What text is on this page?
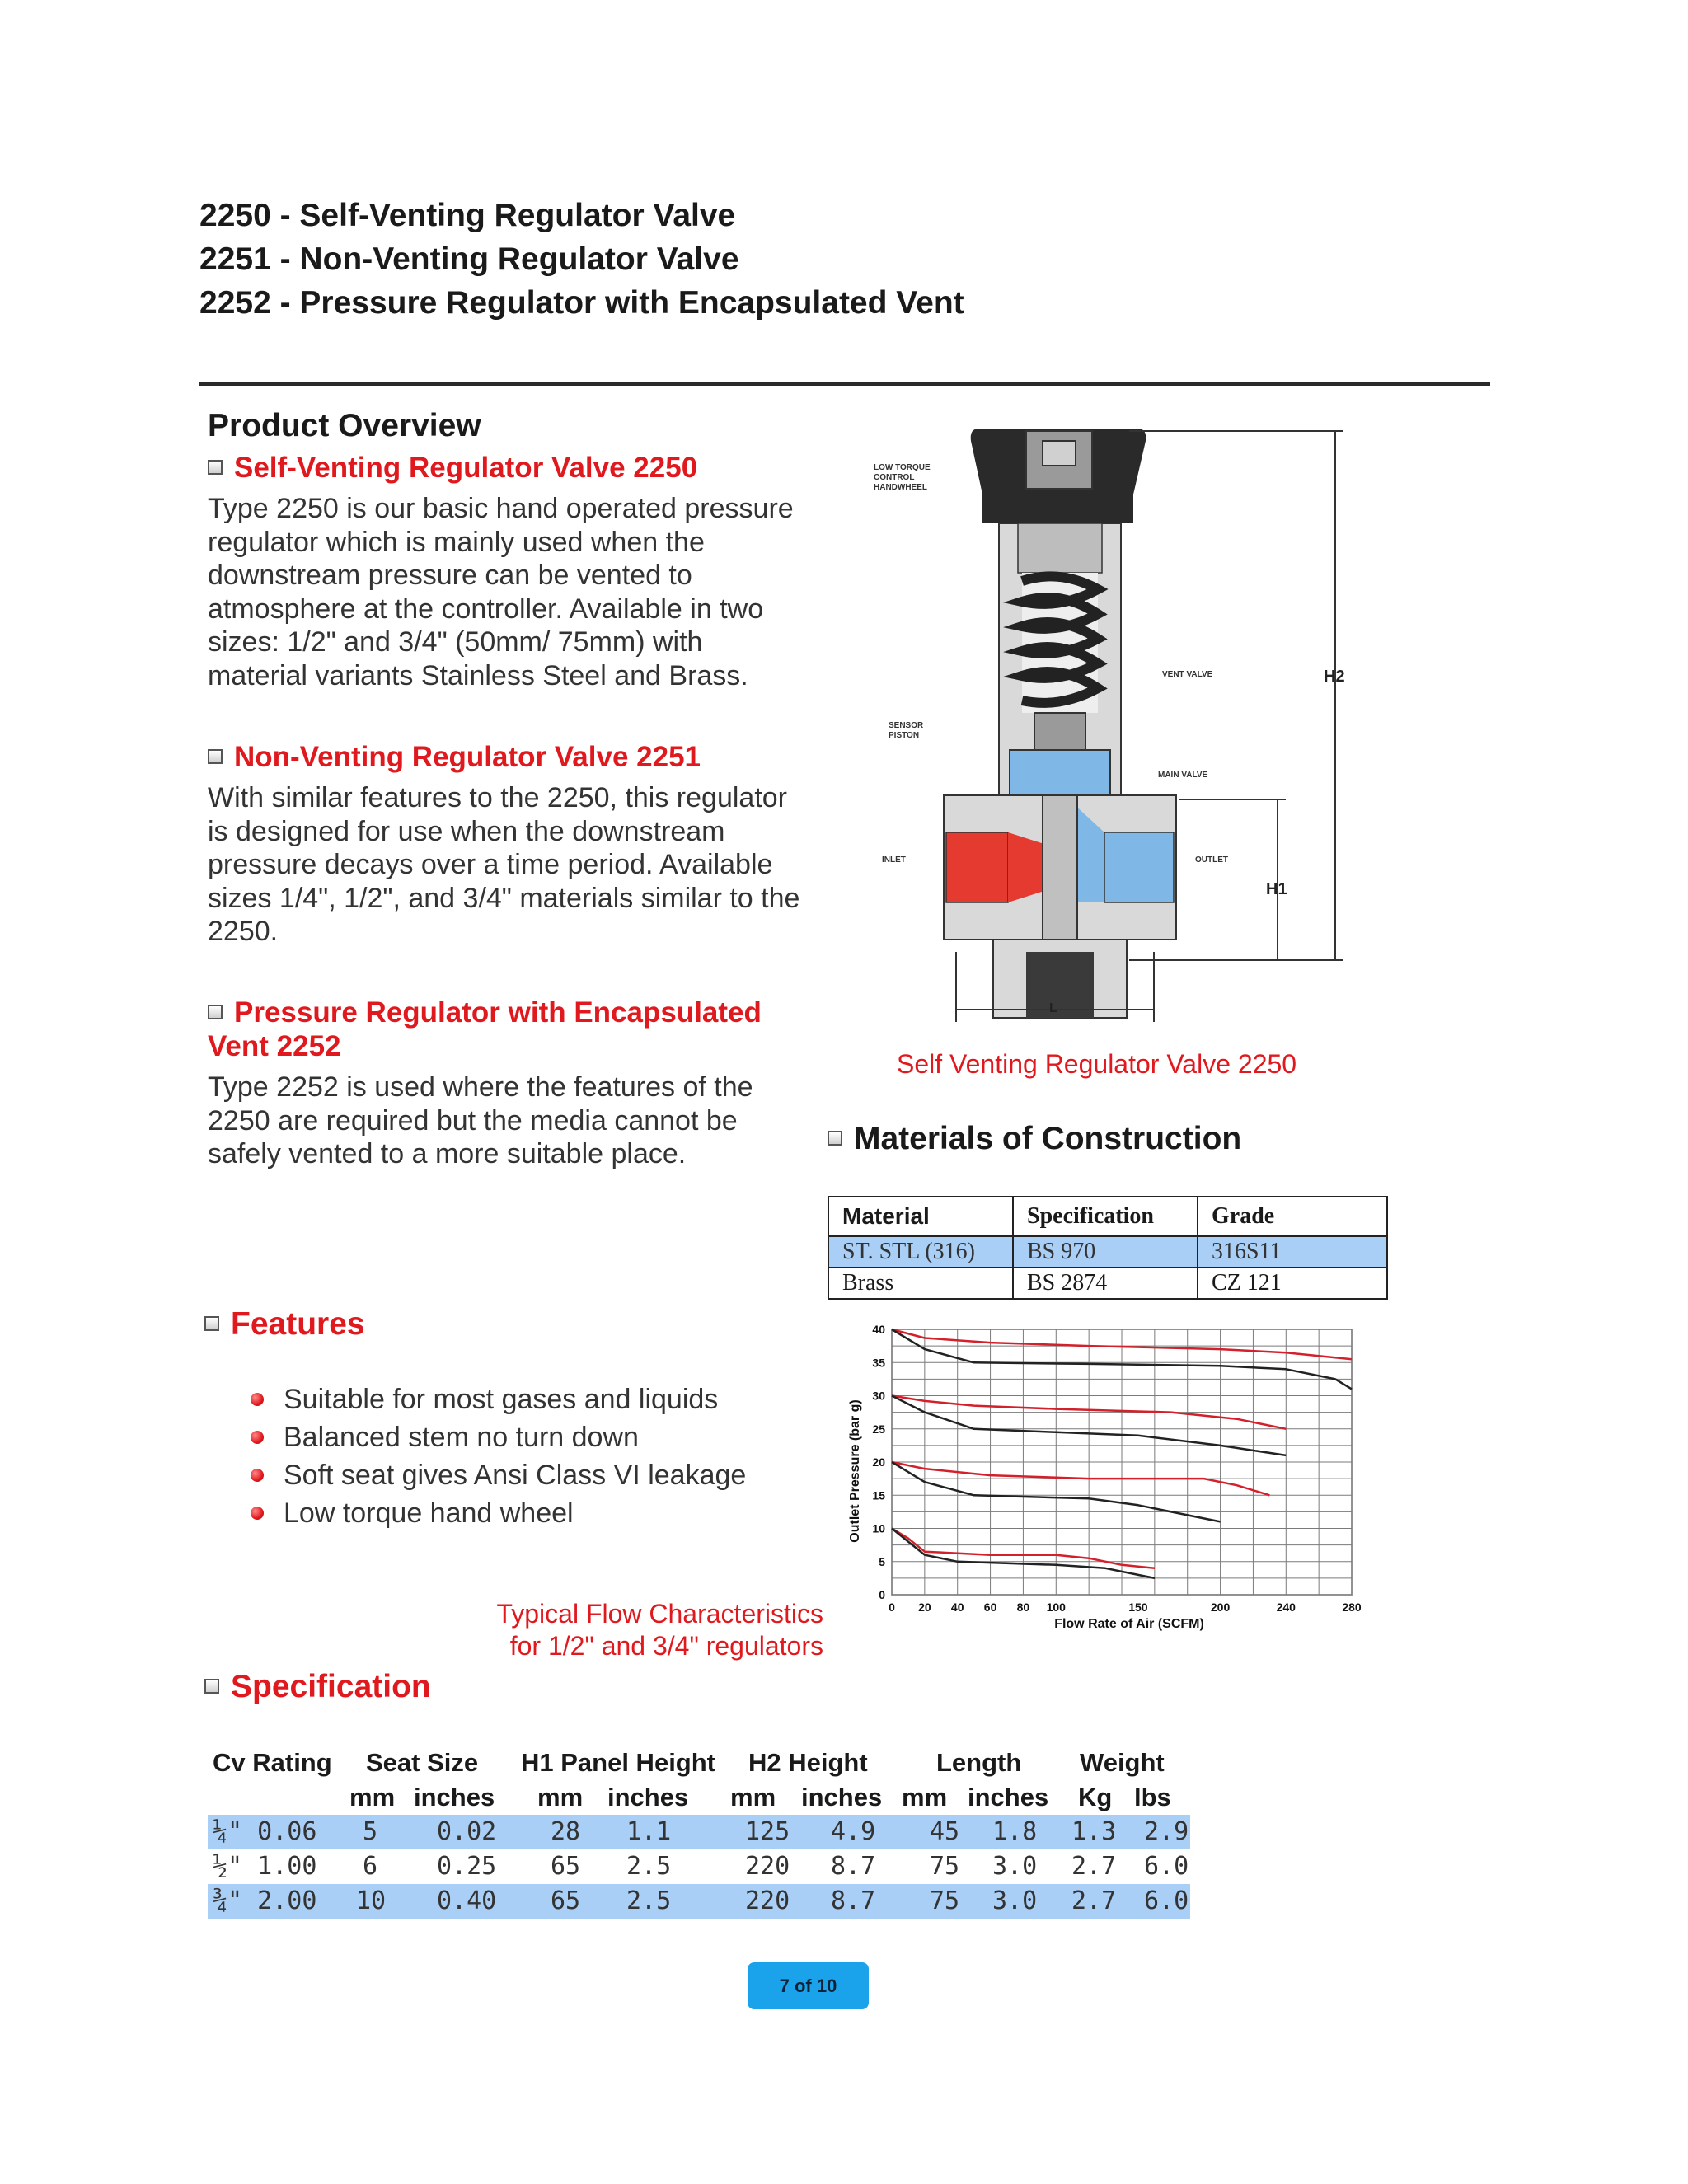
2250 - Self-Venting Regulator Valve
2251 - Non-Venting Regulator Valve
2252 - Pressure Regulator with Encapsulated Vent
Product Overview
Self-Venting Regulator Valve 2250
Type 2250 is our basic hand operated pressure
regulator which is mainly used when the
downstream pressure can be vented to
atmosphere at the controller. Available in two
sizes: 1/2" and 3/4" (50mm/ 75mm) with
material variants Stainless Steel and Brass.
Non-Venting Regulator Valve 2251
With similar features to the 2250, this regulator
is designed for use when the downstream
pressure decays over a time period. Available
sizes 1/4", 1/2", and 3/4" materials similar to the
2250.
Pressure Regulator with Encapsulated
Vent 2252
Type 2252 is used where the features of the
2250 are required but the media cannot be
safely vented to a more suitable place.
LOW TORQUE
CONTROL
HANDWHEEL
VENT VALVE
SENSOR
PISTON
MAIN VALVE
INLET	OUTLET
H2
H1
L
Self Venting Regulator Valve 2250
Materials of Construction
Material	Specification	Grade
ST. STL (316)	BS 970	316S11
Brass	BS 2874	CZ 121
Features
Suitable for most gases and liquids
Balanced stem no turn down
Soft seat gives Ansi Class VI leakage
Low torque hand wheel
0
5
10
15
20
25
30
35
40
0 20 40 60 80 100	150	200	240	280
Flow Rate of Air (SCFM)
Outlet Pressure (bar g)
Typical Flow Characteristics
for 1/2" and 3/4" regulators
Specification
Cv Rating Seat Size H1 Panel Height H2 Height	Length Weight
mm inches mm inches mm inches mm inches Kg lbs
¼" 0.06 5 0.02 28 1.1	125 4.9 45 1.8 1.3 2.9
½" 1.00 6 0.25 65 2.5	220 8.7 75 3.0 2.7 6.0
¾" 2.00 10 0.40 65 2.5	220 8.7 75 3.0 2.7 6.0
7 of 10
